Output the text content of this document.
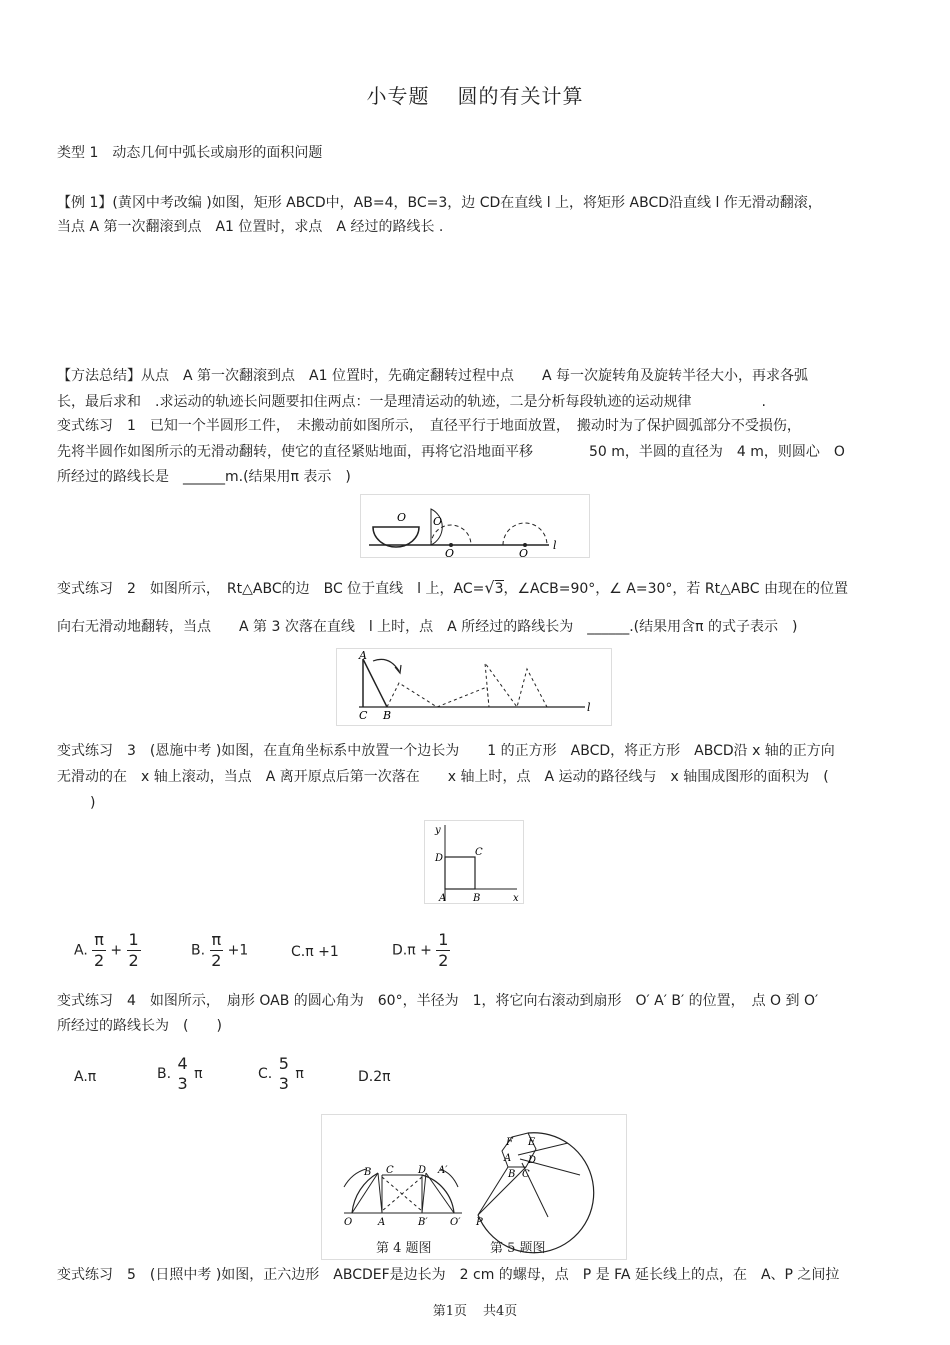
小专题 圆的有关计算
类型 1　动态几何中弧长或扇形的面积问题
【例 1】(黄冈中考改编 )如图，矩形 ABCD中，AB=4，BC=3，边 CD在直线 l 上，将矩形 ABCD沿直线 l 作无滑动翻滚，
当点 A 第一次翻滚到点　A1 位置时，求点　A 经过的路线长 .
【方法总结】从点　A 第一次翻滚到点　A1 位置时，先确定翻转过程中点　　A 每一次旋转角及旋转半径大小，再求各弧
长，最后求和　.求运动的轨迹长问题要扣住两点：一是理清运动的轨迹，二是分析每段轨迹的运动规律　　　　　.
变式练习　1　已知一个半圆形工件，　未搬动前如图所示，　直径平行于地面放置，　搬动时为了保护圆弧部分不受损伤，
先将半圆作如图所示的无滑动翻转，使它的直径紧贴地面，再将它沿地面平移　　　　50 m，半圆的直径为　4 m，则圆心　O
所经过的路线长是　______m.(结果用π 表示　)
O O
O	O
l
变式练习　2　如图所示，　Rt△ABC的边　BC 位于直线　l 上，AC=√3，∠ACB=90°，∠ A=30°，若 Rt△ABC 由现在的位置
向右无滑动地翻转，当点　　A 第 3 次落在直线　l 上时，点　A 所经过的路线长为　______.(结果用含π 的式子表示　)
A
C B
l
变式练习　3　(恩施中考 )如图，在直角坐标系中放置一个边长为　　1 的正方形　ABCD，将正方形　ABCD沿 x 轴的正方向
无滑动的在　x 轴上滚动，当点　A 离开原点后第一次落在　　x 轴上时，点　A 运动的路径线与　x 轴围成图形的面积为　(
)
y
D
C
A	B	x
A. $\frac{\pi}{2} + \frac{1}{2}$	B. $\frac{\pi}{2} +1$	C.π +1	$D.\pi + \frac{1}{2}$
变式练习　4　如图所示，　扇形 OAB 的圆心角为　60°，半径为　1，将它向右滚动到扇形　O′ A′ B′ 的位置，　点 O 到 O′
所经过的路线长为　(　　)
A.π	B.
4
3 π	C.
5
3 π	D.2π
O
B
A
C D
B′
A′
O′
F E
A D
B C
P
第 4 题图	第 5 题图
变式练习　5　(日照中考 )如图，正六边形　ABCDEF是边长为　2 cm 的螺母，点　P 是 FA 延长线上的点，在　A、P 之间拉
第1页 共4页
